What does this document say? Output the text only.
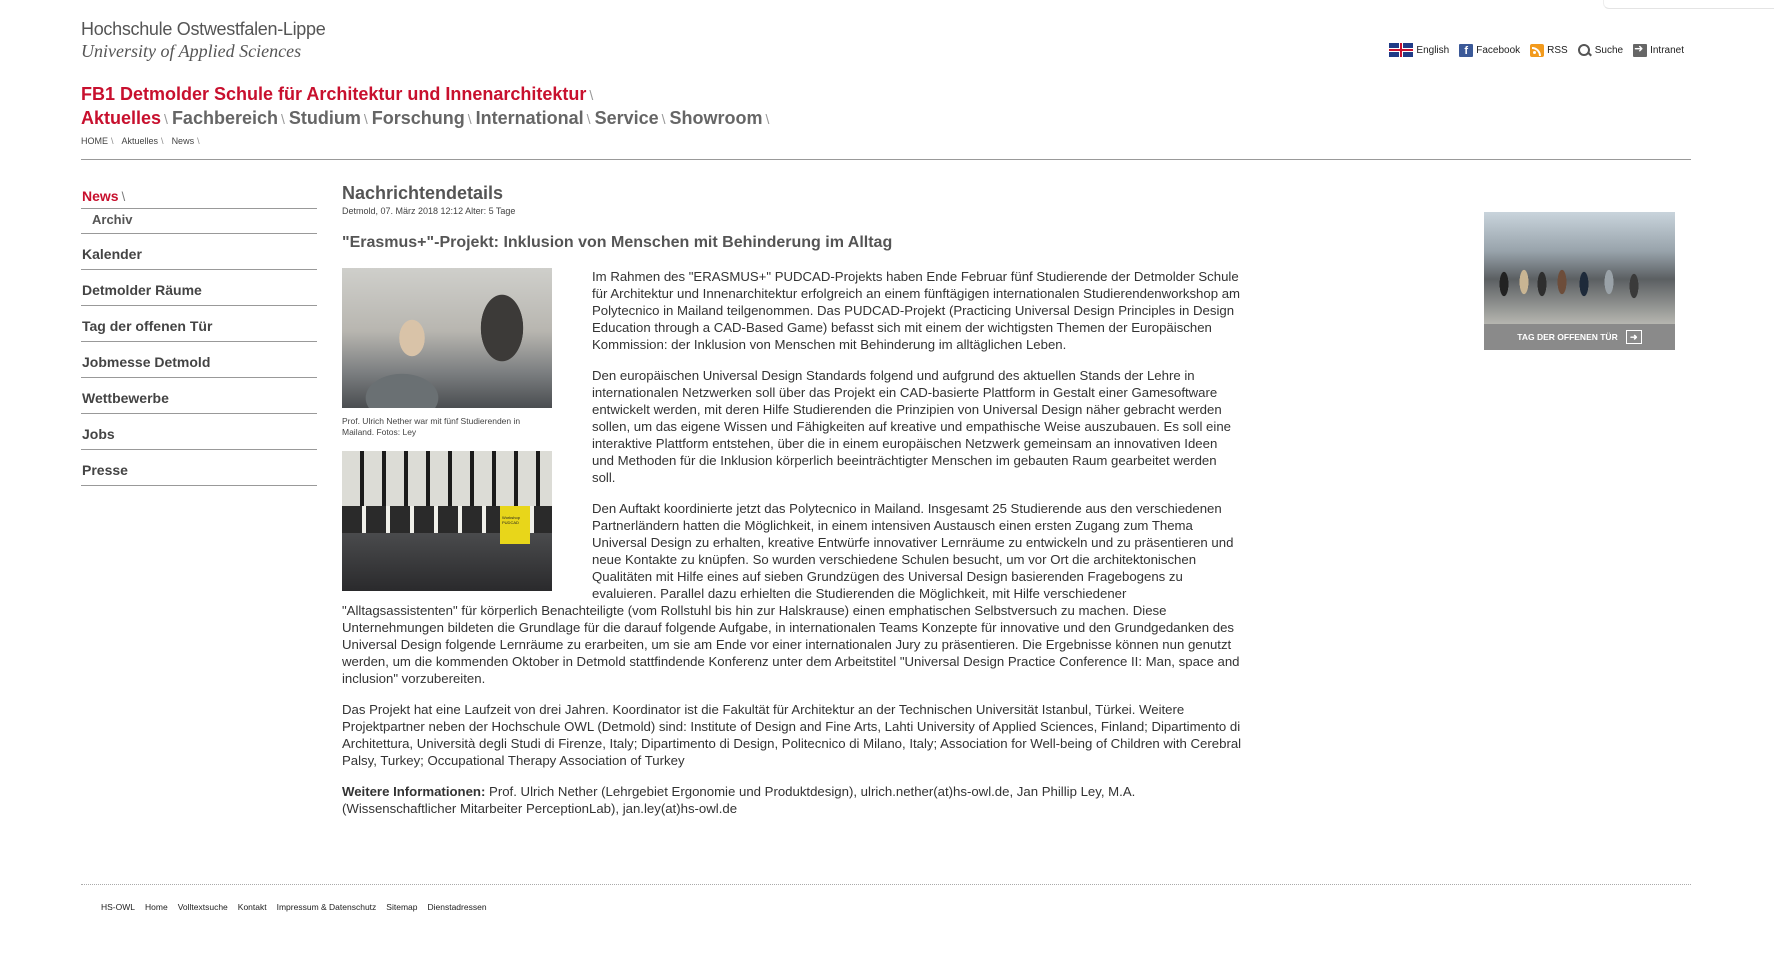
Hochschule Ostwestfalen-Lippe
University of Applied Sciences	English	f Facebook	RSS	Suche
➜	Intranet
FB1 Detmolder Schule für Architektur und Innenarchitektur \
Aktuelles \ Fachbereich \ Studium \ Forschung \ International \ Service \ Showroom \
HOME \ Aktuelles \ News \
News \
Archiv
Kalender
Detmolder Räume
Tag der offenen Tür
Jobmesse Detmold
Wettbewerbe
Jobs
Presse
Nachrichtendetails
Detmold, 07. März 2018 12:12 Alter: 5 Tage
"Erasmus+"-Projekt: Inklusion von Menschen mit Behinderung im Alltag
Prof. Ulrich Nether war mit fünf Studierenden in Mailand. Fotos: Ley
Workshop PUDCAD

Im Rahmen des "ERASMUS+" PUDCAD-Projekts haben Ende Februar fünf Studierende der Detmolder Schule für Architektur und Innenarchitektur erfolgreich an einem fünftägigen internationalen Studierendenworkshop am Polytecnico in Mailand teilgenommen. Das PUDCAD-Projekt (Practicing Universal Design Principles in Design Education through a CAD-Based Game) befasst sich mit einem der wichtigsten Themen der Europäischen Kommission: der Inklusion von Menschen mit Behinderung im alltäglichen Leben.

Den europäischen Universal Design Standards folgend und aufgrund des aktuellen Stands der Lehre in internationalen Netzwerken soll über das Projekt ein CAD-basierte Plattform in Gestalt einer Gamesoftware entwickelt werden, mit deren Hilfe Studierenden die Prinzipien von Universal Design näher gebracht werden sollen, um das eigene Wissen und Fähigkeiten auf kreative und empathische Weise auszubauen. Es soll eine interaktive Plattform entstehen, über die in einem europäischen Netzwerk gemeinsam an innovativen Ideen und Methoden für die Inklusion körperlich beeinträchtigter Menschen im gebauten Raum gearbeitet werden soll.

Den Auftakt koordinierte jetzt das Polytecnico in Mailand. Insgesamt 25 Studierende aus den verschiedenen Partnerländern hatten die Möglichkeit, in einem intensiven Austausch einen ersten Zugang zum Thema Universal Design zu erhalten, kreative Entwürfe innovativer Lernräume zu entwickeln und zu präsentieren und neue Kontakte zu knüpfen. So wurden verschiedene Schulen besucht, um vor Ort die architektonischen Qualitäten mit Hilfe eines auf sieben Grundzügen des Universal Design basierenden Fragebogens zu evaluieren. Parallel dazu erhielten die Studierenden die Möglichkeit, mit Hilfe verschiedener "Alltagsassistenten" für körperlich Benachteiligte (vom Rollstuhl bis hin zur Halskrause) einen emphatischen Selbstversuch zu machen. Diese Unternehmungen bildeten die Grundlage für die darauf folgende Aufgabe, in internationalen Teams Konzepte für innovative und den Grundgedanken des Universal Design folgende Lernräume zu erarbeiten, um sie am Ende vor einer internationalen Jury zu präsentieren. Die Ergebnisse können nun genutzt werden, um die kommenden Oktober in Detmold stattfindende Konferenz unter dem Arbeitstitel "Universal Design Practice Conference II: Man, space and inclusion" vorzubereiten.

Das Projekt hat eine Laufzeit von drei Jahren. Koordinator ist die Fakultät für Architektur an der Technischen Universität Istanbul, Türkei. Weitere Projektpartner neben der Hochschule OWL (Detmold) sind: Institute of Design and Fine Arts, Lahti University of Applied Sciences, Finland; Dipartimento di Architettura, Università degli Studi di Firenze, Italy; Dipartimento di Design, Politecnico di Milano, Italy; Association for Well-being of Children with Cerebral Palsy, Turkey; Occupational Therapy Association of Turkey

Weitere Informationen: Prof. Ulrich Nether (Lehrgebiet Ergonomie und Produktdesign), ulrich.nether(at)hs-owl.de, Jan Phillip Ley, M.A. (Wissenschaftlicher Mitarbeiter PerceptionLab), jan.ley(at)hs-owl.de

TAG DER OFFENEN TÜR	➜
HS-OWL Home Volltextsuche Kontakt Impressum & Datenschutz Sitemap Dienstadressen
